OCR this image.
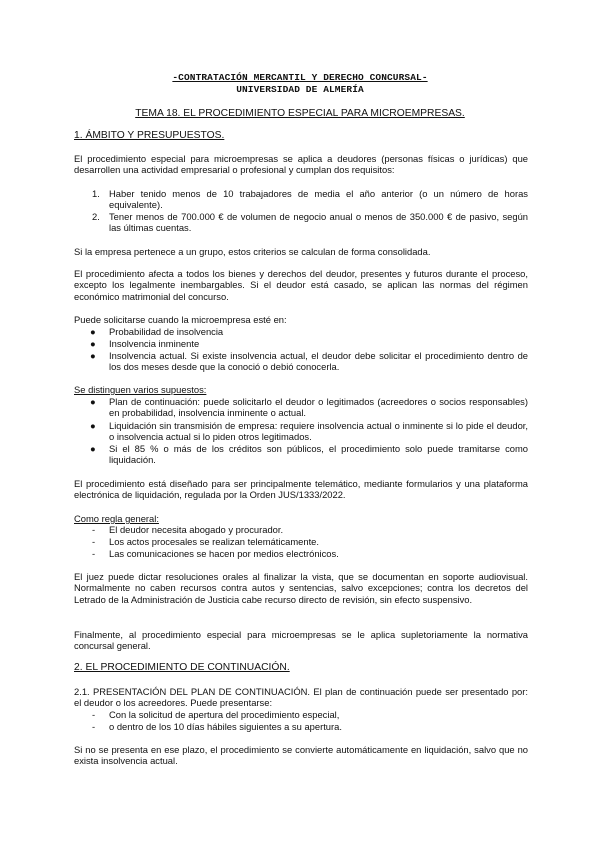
-CONTRATACIÓN MERCANTIL Y DERECHO CONCURSAL-
UNIVERSIDAD DE ALMERÍA
TEMA 18. EL PROCEDIMIENTO ESPECIAL PARA MICROEMPRESAS.
1. ÁMBITO Y PRESUPUESTOS.
El procedimiento especial para microempresas se aplica a deudores (personas físicas o jurídicas) que desarrollen una actividad empresarial o profesional y cumplan dos requisitos:
1. Haber tenido menos de 10 trabajadores de media el año anterior (o un número de horas equivalente).
2. Tener menos de 700.000 € de volumen de negocio anual o menos de 350.000 € de pasivo, según las últimas cuentas.
Si la empresa pertenece a un grupo, estos criterios se calculan de forma consolidada.
El procedimiento afecta a todos los bienes y derechos del deudor, presentes y futuros durante el proceso, excepto los legalmente inembargables. Si el deudor está casado, se aplican las normas del régimen económico matrimonial del concurso.
Puede solicitarse cuando la microempresa esté en:
● Probabilidad de insolvencia
● Insolvencia inminente
● Insolvencia actual. Si existe insolvencia actual, el deudor debe solicitar el procedimiento dentro de los dos meses desde que la conoció o debió conocerla.
Se distinguen varios supuestos:
● Plan de continuación: puede solicitarlo el deudor o legitimados (acreedores o socios responsables) en probabilidad, insolvencia inminente o actual.
● Liquidación sin transmisión de empresa: requiere insolvencia actual o inminente si lo pide el deudor, o insolvencia actual si lo piden otros legitimados.
● Si el 85 % o más de los créditos son públicos, el procedimiento solo puede tramitarse como liquidación.
El procedimiento está diseñado para ser principalmente telemático, mediante formularios y una plataforma electrónica de liquidación, regulada por la Orden JUS/1333/2022.
Como regla general:
- El deudor necesita abogado y procurador.
- Los actos procesales se realizan telemáticamente.
- Las comunicaciones se hacen por medios electrónicos.
El juez puede dictar resoluciones orales al finalizar la vista, que se documentan en soporte audiovisual. Normalmente no caben recursos contra autos y sentencias, salvo excepciones; contra los decretos del Letrado de la Administración de Justicia cabe recurso directo de revisión, sin efecto suspensivo.
Finalmente, al procedimiento especial para microempresas se le aplica supletoriamente la normativa concursal general.
2. EL PROCEDIMIENTO DE CONTINUACIÓN.
2.1. PRESENTACIÓN DEL PLAN DE CONTINUACIÓN. El plan de continuación puede ser presentado por: el deudor o los acreedores. Puede presentarse:
- Con la solicitud de apertura del procedimiento especial,
- o dentro de los 10 días hábiles siguientes a su apertura.
Si no se presenta en ese plazo, el procedimiento se convierte automáticamente en liquidación, salvo que no exista insolvencia actual.
